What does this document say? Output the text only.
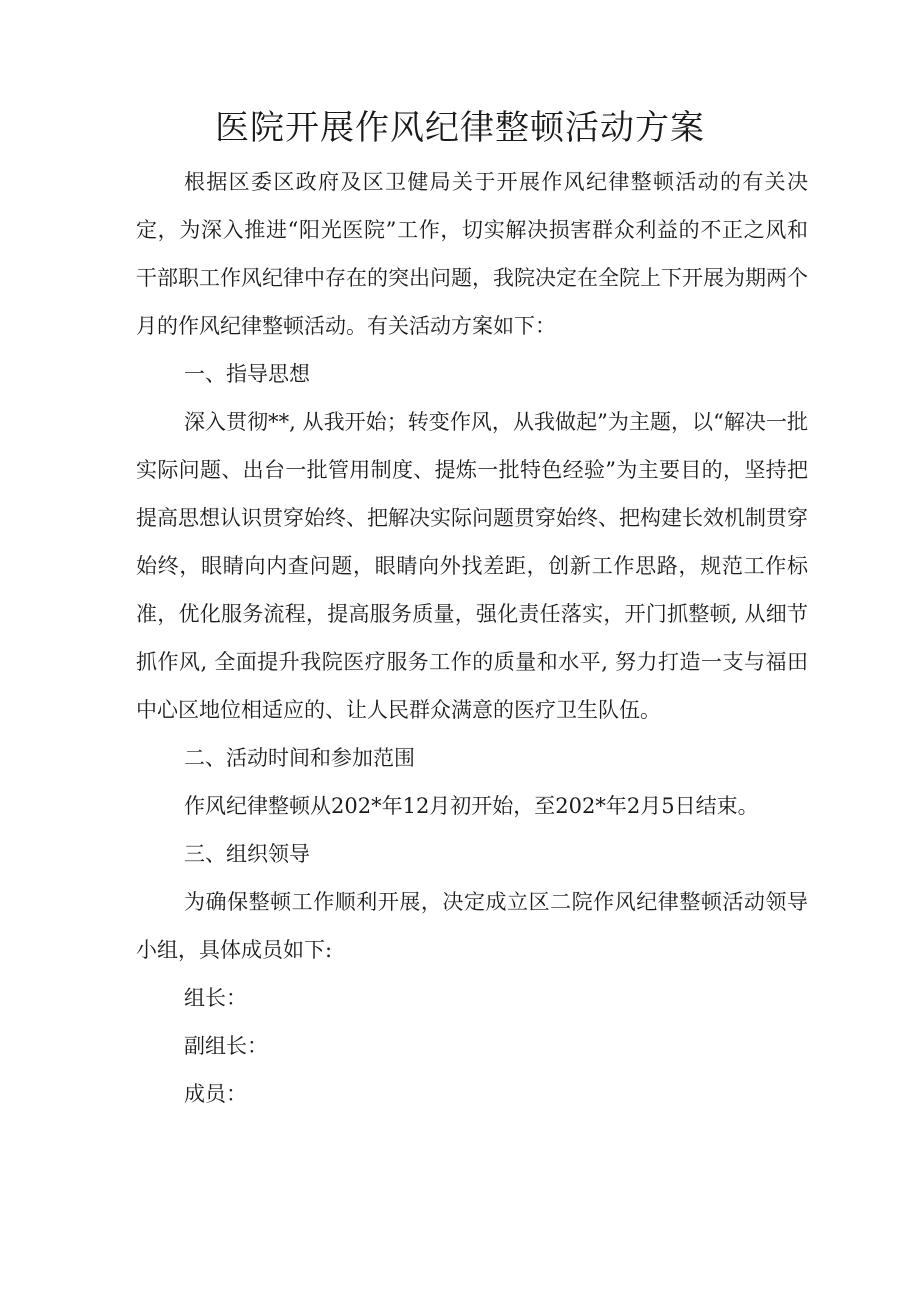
医院开展作风纪律整顿活动方案

根据区委区政府及区卫健局关于开展作风纪律整顿活动的有关决定，为深入推进“阳光医院”工作，切实解决损害群众利益的不正之风和干部职工作风纪律中存在的突出问题，我院决定在全院上下开展为期两个月的作风纪律整顿活动。有关活动方案如下：

一、指导思想

深入贯彻**, 从我开始；转变作风，从我做起”为主题，以“解决一批实际问题、出台一批管用制度、提炼一批特色经验”为主要目的，坚持把提高思想认识贯穿始终、把解决实际问题贯穿始终、把构建长效机制贯穿始终，眼睛向内查问题，眼睛向外找差距，创新工作思路，规范工作标准，优化服务流程，提高服务质量，强化责任落实，开门抓整顿, 从细节抓作风, 全面提升我院医疗服务工作的质量和水平, 努力打造一支与福田中心区地位相适应的、让人民群众满意的医疗卫生队伍。

二、活动时间和参加范围

作风纪律整顿从202*年12月初开始，至202*年2月5日结束。

三、组织领导

为确保整顿工作顺利开展，决定成立区二院作风纪律整顿活动领导小组，具体成员如下:

组长：

副组长：

成员：
